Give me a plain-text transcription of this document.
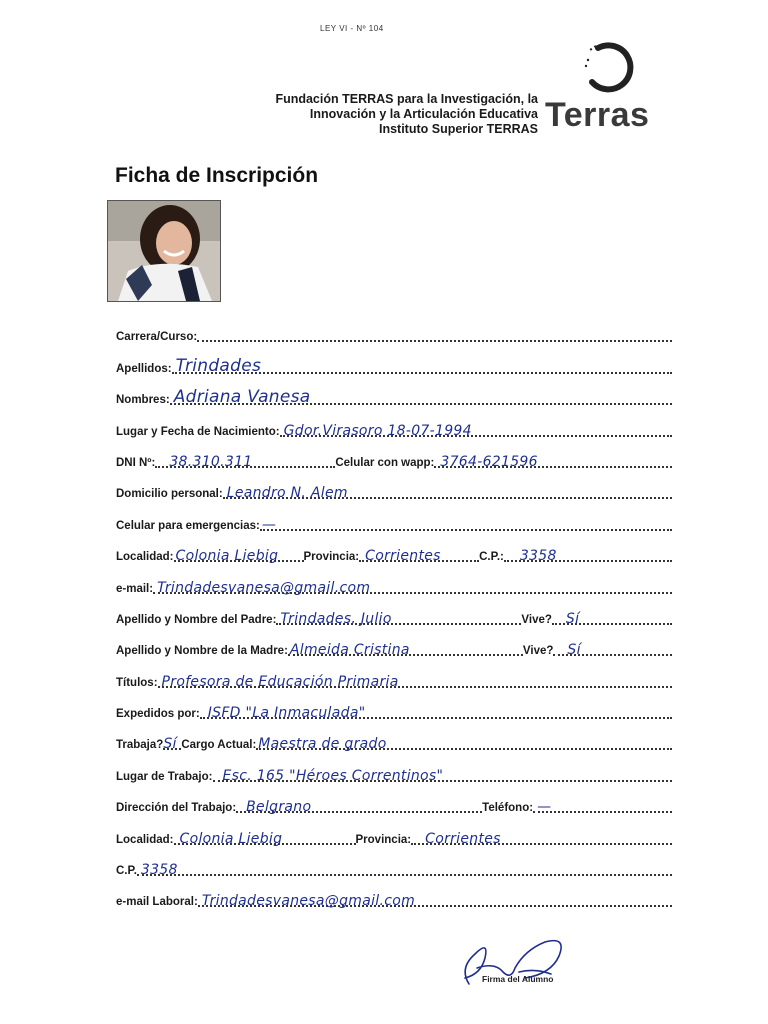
LEY VI - Nº 104
Fundación TERRAS para la Investigación, la
Innovación y la Articulación Educativa
Instituto Superior TERRAS Terras
Ficha de Inscripción
Carrera/Curso:
Apellidos: Trindades
Nombres: Adriana Vanesa
Lugar y Fecha de Nacimiento: Gdor.Virasoro 18-07-1994
DNI Nº: 38.310.311	Celular con wapp: 3764-621596
Domicilio personal: Leandro N. Alem
Celular para emergencias: —
Localidad: Colonia Liebig Provincia: Corrientes	C.P.: 3358
e-mail: Trindadesvanesa@gmail.com
Apellido y Nombre del Padre: Trindades, Julio	Vive? Sí
Apellido y Nombre de la Madre: Almeida Cristina	Vive? Sí
Títulos: Profesora de Educación Primaria
Expedidos por: ISFD "La Inmaculada"
Trabaja? Sí Cargo Actual: Maestra de grado
Lugar de Trabajo: Esc. 165 "Héroes Correntinos"
Dirección del Trabajo: Belgrano	Teléfono: —
Localidad: Colonia Liebig	Provincia: Corrientes
C.P. 3358
e-mail Laboral: Trindadesvanesa@gmail.com
Firma del Alumno
